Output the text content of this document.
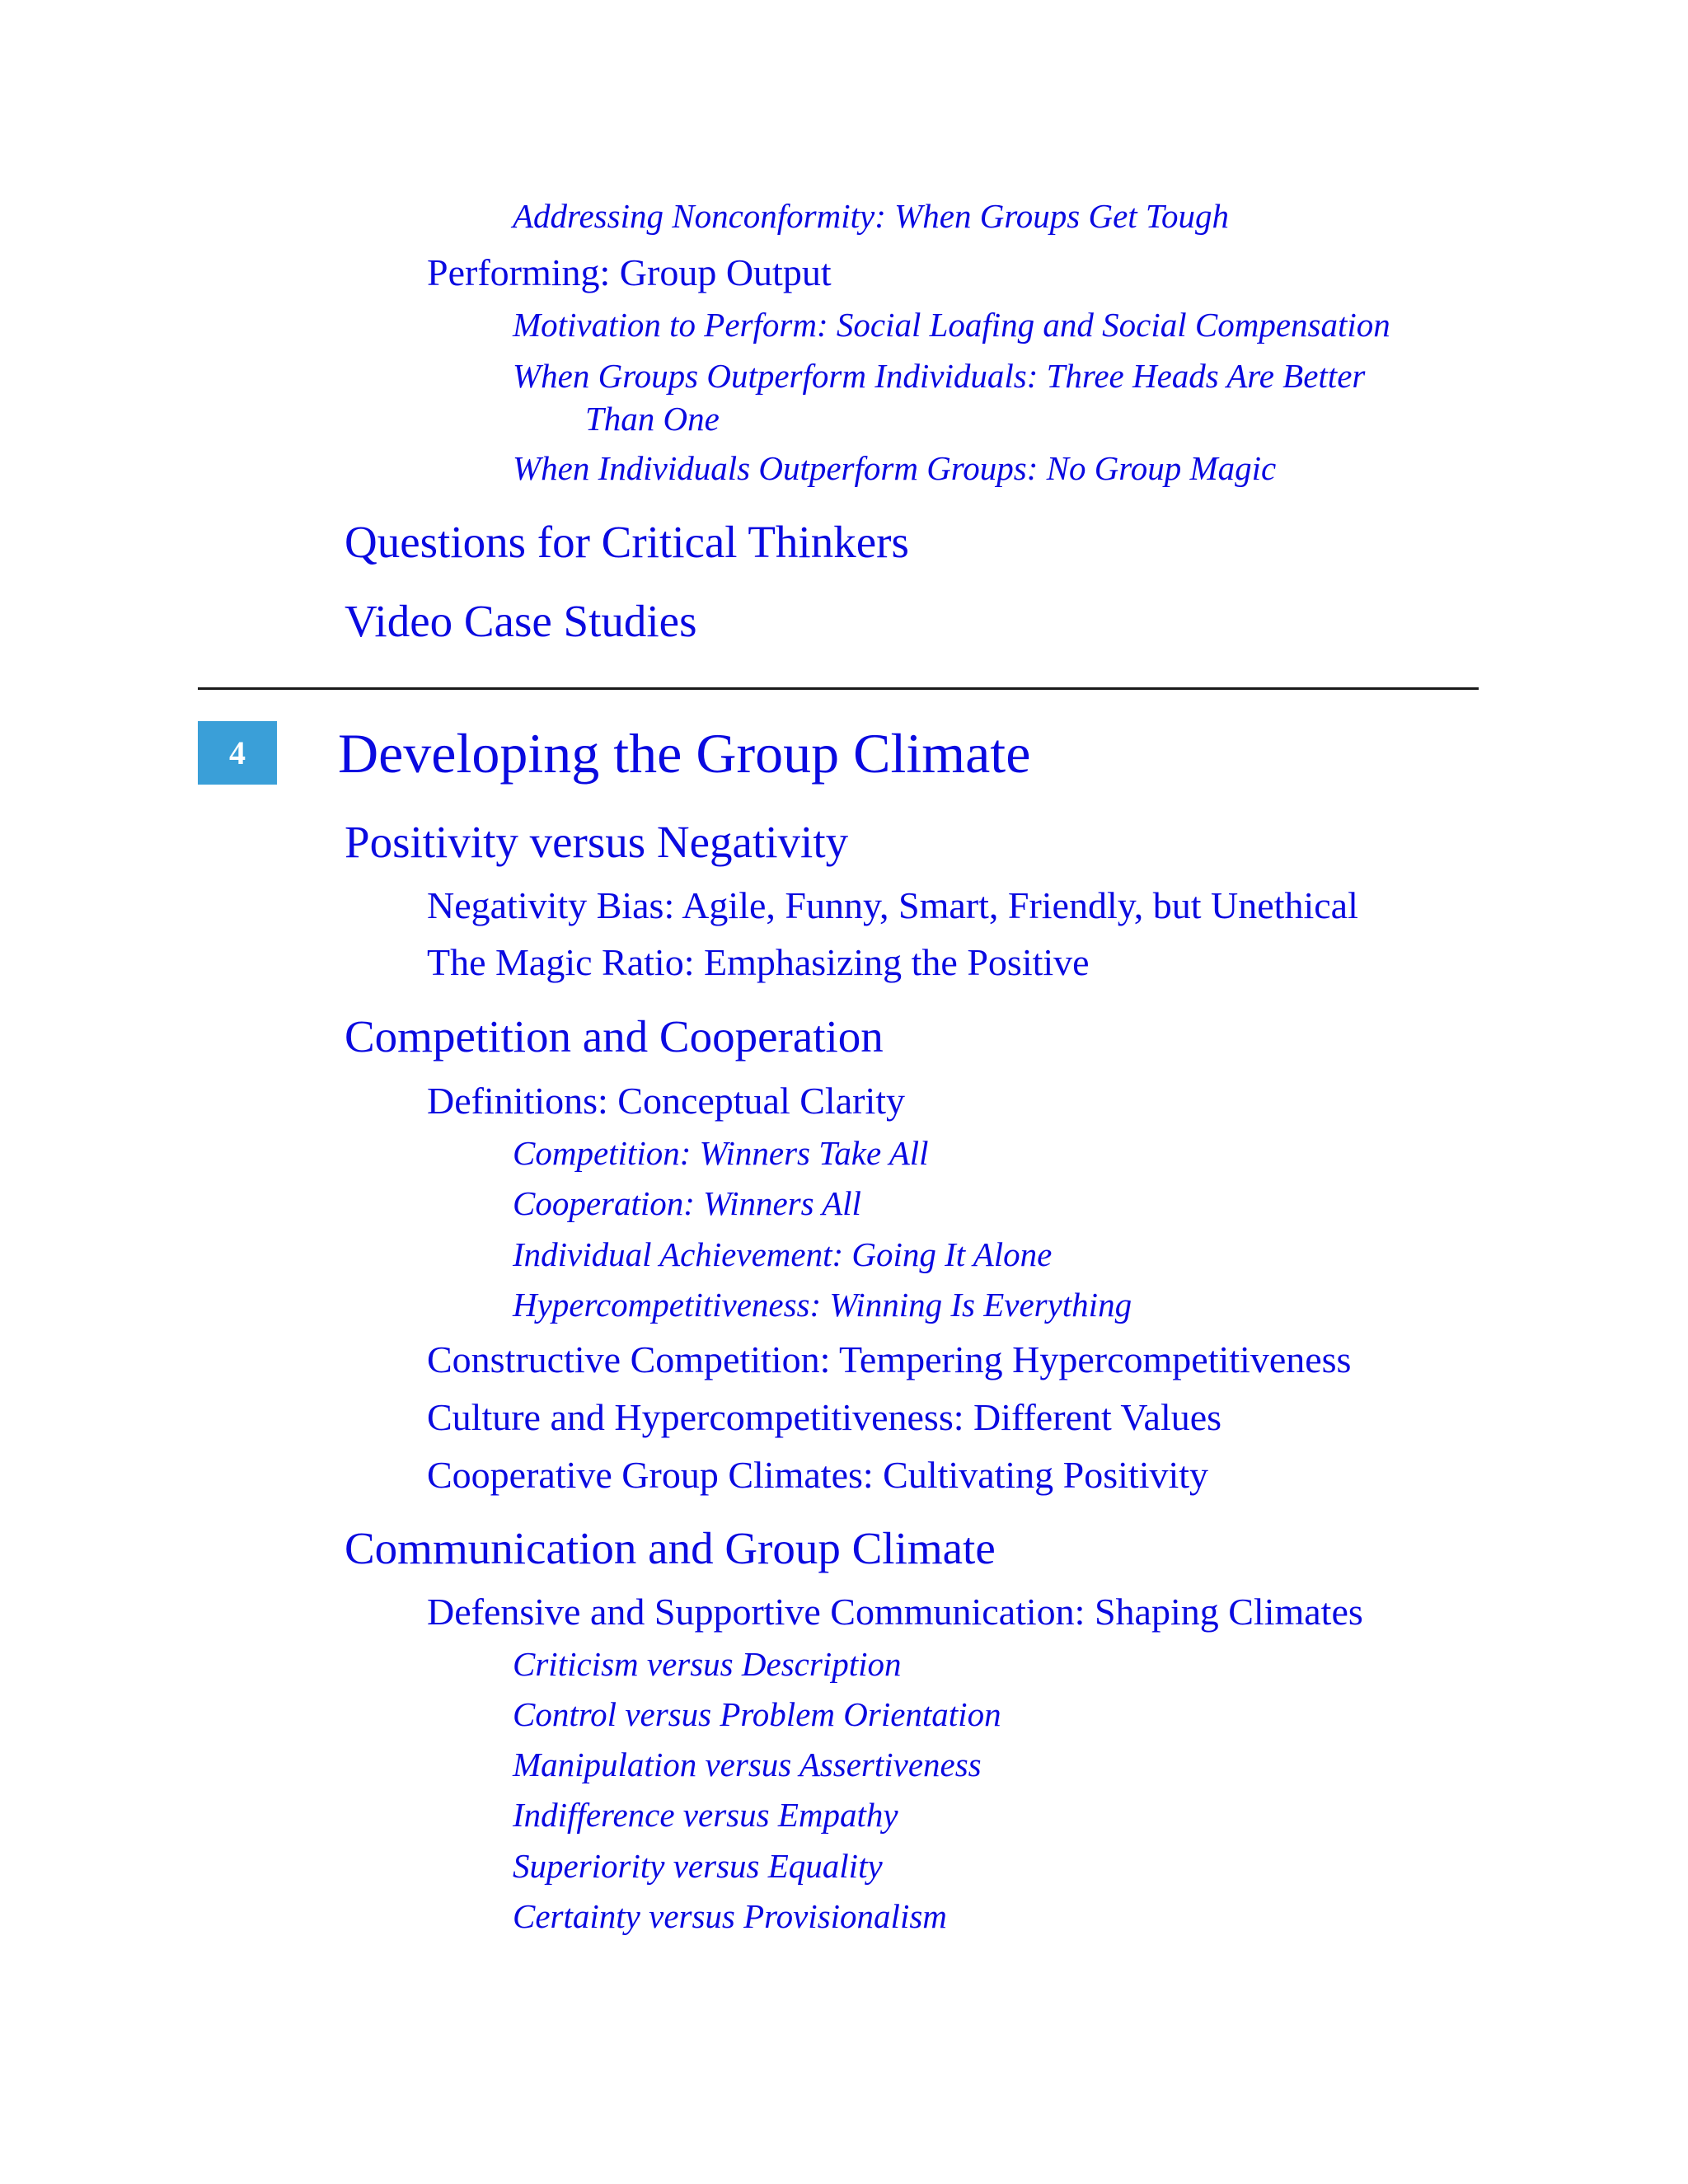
Addressing Nonconformity: When Groups Get Tough
Performing: Group Output
Motivation to Perform: Social Loafing and Social Compensation
When Groups Outperform Individuals: Three Heads Are Better
Than One
When Individuals Outperform Groups: No Group Magic
Questions for Critical Thinkers
Video Case Studies
4	Developing the Group Climate
Positivity versus Negativity
Negativity Bias: Agile, Funny, Smart, Friendly, but Unethical
The Magic Ratio: Emphasizing the Positive
Competition and Cooperation
Definitions: Conceptual Clarity
Competition: Winners Take All
Cooperation: Winners All
Individual Achievement: Going It Alone
Hypercompetitiveness: Winning Is Everything
Constructive Competition: Tempering Hypercompetitiveness
Culture and Hypercompetitiveness: Different Values
Cooperative Group Climates: Cultivating Positivity
Communication and Group Climate
Defensive and Supportive Communication: Shaping Climates
Criticism versus Description
Control versus Problem Orientation
Manipulation versus Assertiveness
Indifference versus Empathy
Superiority versus Equality
Certainty versus Provisionalism
